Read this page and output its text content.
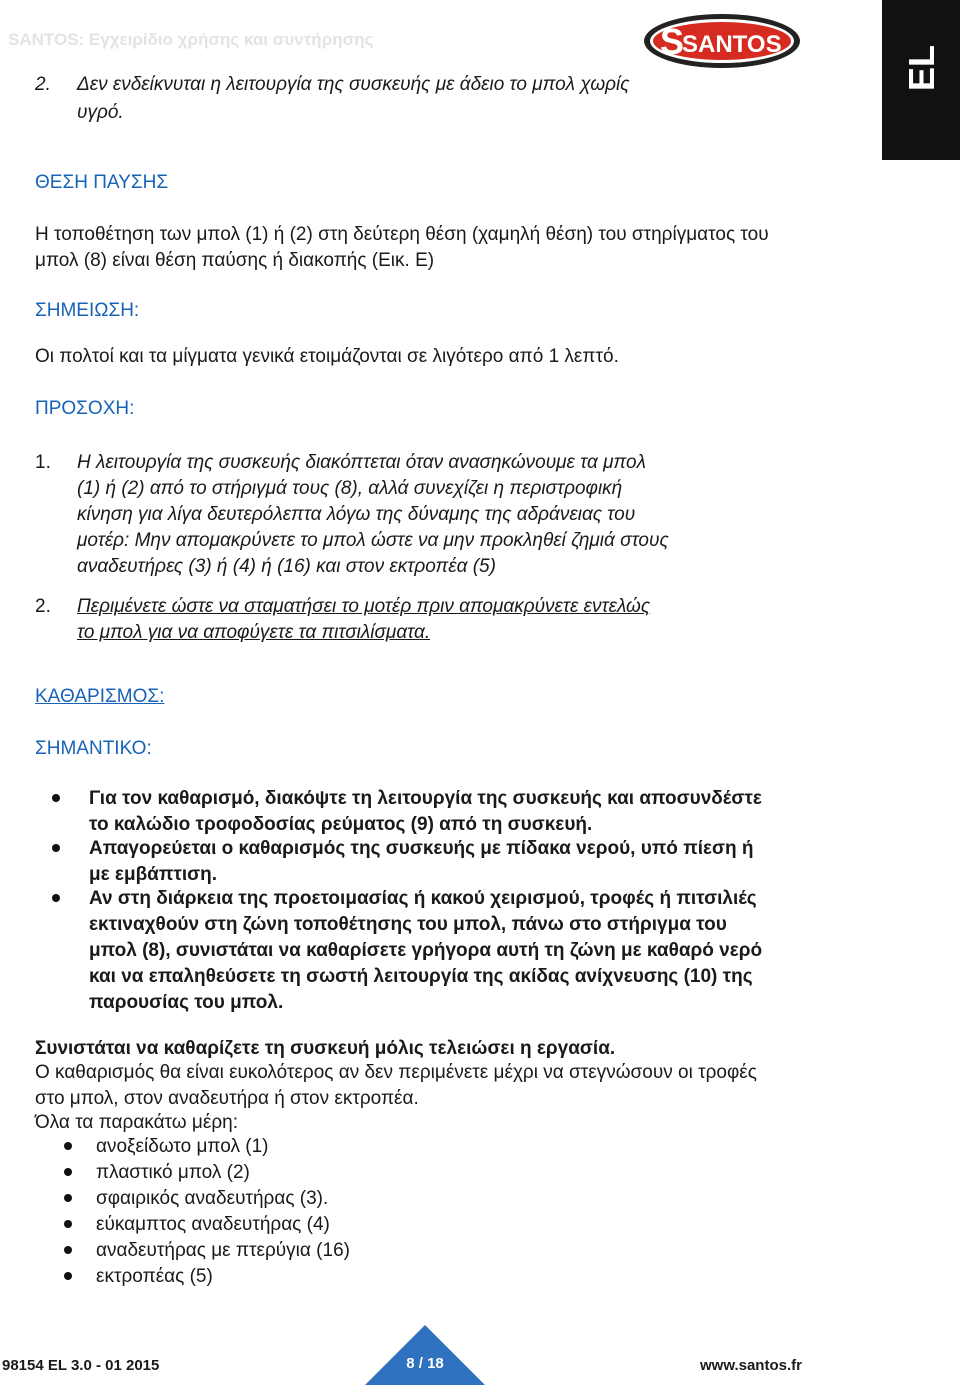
SANTOS: Εγχειρίδιο χρήσης και συντήρησης	S
SANTOS
EL
2. Δεν ενδείκνυται η λειτουργία της συσκευής με άδειο το μπολ χωρίς
υγρό.
ΘΕΣΗ ΠΑΥΣΗΣ
Η τοποθέτηση των μπολ (1) ή (2) στη δεύτερη θέση (χαμηλή θέση) του στηρίγματος του
μπολ (8) είναι θέση παύσης ή διακοπής (Εικ. E)
ΣΗΜΕΙΩΣΗ:
Οι πολτοί και τα μίγματα γενικά ετοιμάζονται σε λιγότερο από 1 λεπτό.
ΠΡΟΣΟΧΗ:
1. Η λειτουργία της συσκευής διακόπτεται όταν ανασηκώνουμε τα μπολ
(1) ή (2) από το στήριγμά τους (8), αλλά συνεχίζει η περιστροφική
κίνηση για λίγα δευτερόλεπτα λόγω της δύναμης της αδράνειας του
μοτέρ: Μην απομακρύνετε το μπολ ώστε να μην προκληθεί ζημιά στους
αναδευτήρες (3) ή (4) ή (16) και στον εκτροπέα (5)
2. Περιμένετε ώστε να σταματήσει το μοτέρ πριν απομακρύνετε εντελώς
το μπολ για να αποφύγετε τα πιτσιλίσματα.
ΚΑΘΑΡΙΣΜΟΣ:
ΣΗΜΑΝΤΙΚΟ:
Για τον καθαρισμό, διακόψτε τη λειτουργία της συσκευής και αποσυνδέστε
το καλώδιο τροφοδοσίας ρεύματος (9) από τη συσκευή.
Απαγορεύεται ο καθαρισμός της συσκευής με πίδακα νερού, υπό πίεση ή
με εμβάπτιση.
Αν στη διάρκεια της προετοιμασίας ή κακού χειρισμού, τροφές ή πιτσιλιές
εκτιναχθούν στη ζώνη τοποθέτησης του μπολ, πάνω στο στήριγμα του
μπολ (8), συνιστάται να καθαρίσετε γρήγορα αυτή τη ζώνη με καθαρό νερό
και να επαληθεύσετε τη σωστή λειτουργία της ακίδας ανίχνευσης (10) της
παρουσίας του μπολ.
Συνιστάται να καθαρίζετε τη συσκευή μόλις τελειώσει η εργασία.
Ο καθαρισμός θα είναι ευκολότερος αν δεν περιμένετε μέχρι να στεγνώσουν οι τροφές
στο μπολ, στον αναδευτήρα ή στον εκτροπέα.
Όλα τα παρακάτω μέρη:
ανοξείδωτο μπολ (1)
πλαστικό μπολ (2)
σφαιρικός αναδευτήρας (3).
εύκαμπτος αναδευτήρας (4)
αναδευτήρας με πτερύγια (16)
εκτροπέας (5)
98154 EL 3.0 - 01 2015	8 / 18	www.santos.fr
